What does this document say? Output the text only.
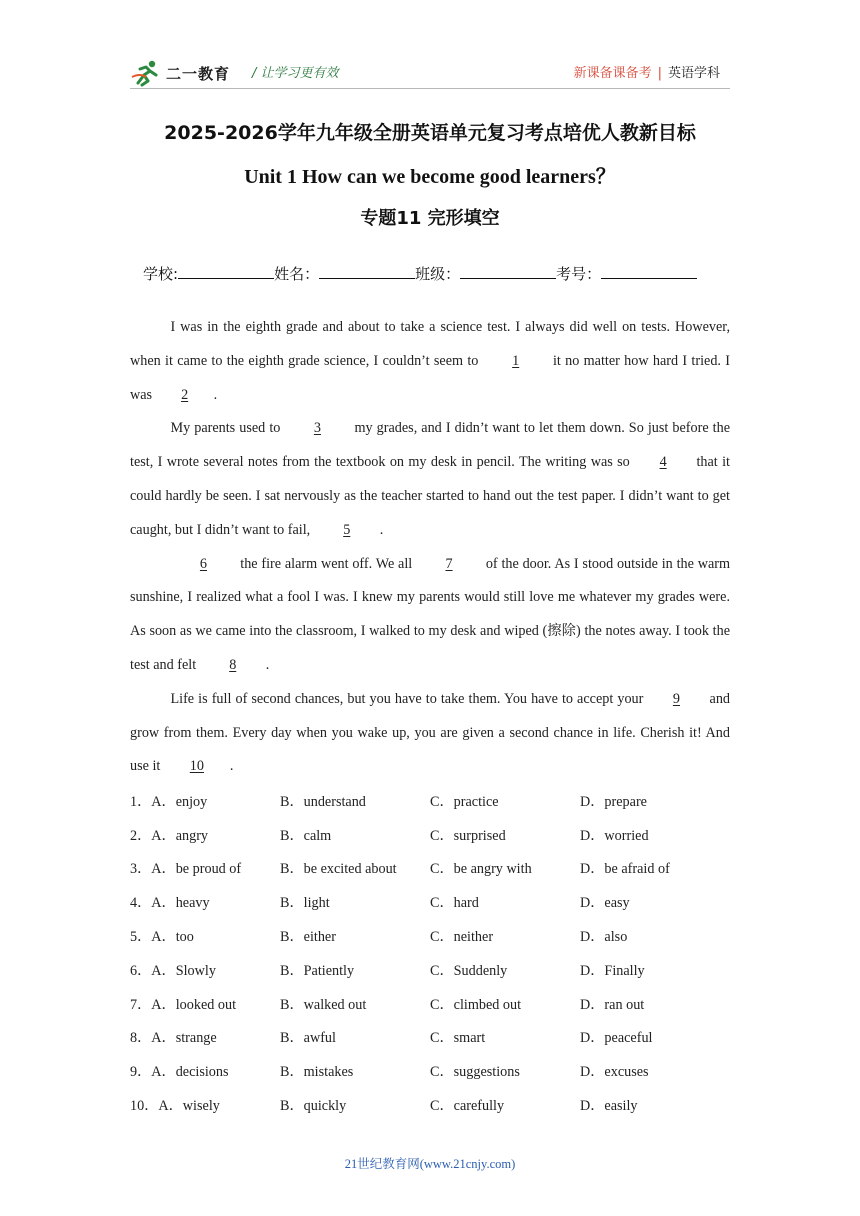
二一教育 / 让学习更有效	新课备课备考 | 英语学科
2025-2026学年九年级全册英语单元复习考点培优人教新目标
Unit 1 How can we become good learners？
专题11 完形填空
学校:	姓名：	班级：	考号：

I was in the eighth grade and about to take a science test. I always did well on tests. However, when it came to the eighth grade science, I couldn’t seem to 1 it no matter how hard I tried. I was 2 .

My parents used to 3 my grades, and I didn’t want to let them down. So just before the test, I wrote several notes from the textbook on my desk in pencil. The writing was so 4 that it could hardly be seen. I sat nervously as the teacher started to hand out the test paper. I didn’t want to get caught, but I didn’t want to fail, 5 .

6 the fire alarm went off. We all 7 of the door. As I stood outside in the warm sunshine, I realized what a fool I was. I knew my parents would still love me whatever my grades were. As soon as we came into the classroom, I walked to my desk and wiped (擦除) the notes away. I took the test and felt 8 .

Life is full of second chances, but you have to take them. You have to accept your 9 and grow from them. Every day when you wake up, you are given a second chance in life. Cherish it! And use it 10 .

1．A．enjoy	B．understand	C．practice	D．prepare
2．A．angry	B．calm	C．surprised	D．worried
3．A．be proud of	B．be excited about	C．be angry with	D．be afraid of
4．A．heavy	B．light	C．hard	D．easy
5．A．too	B．either	C．neither	D．also
6．A．Slowly	B．Patiently	C．Suddenly	D．Finally
7．A．looked out	B．walked out	C．climbed out	D．ran out
8．A．strange	B．awful	C．smart	D．peaceful
9．A．decisions	B．mistakes	C．suggestions	D．excuses
10．A．wisely	B．quickly	C．carefully	D．easily
21世纪教育网(www.21cnjy.com)
